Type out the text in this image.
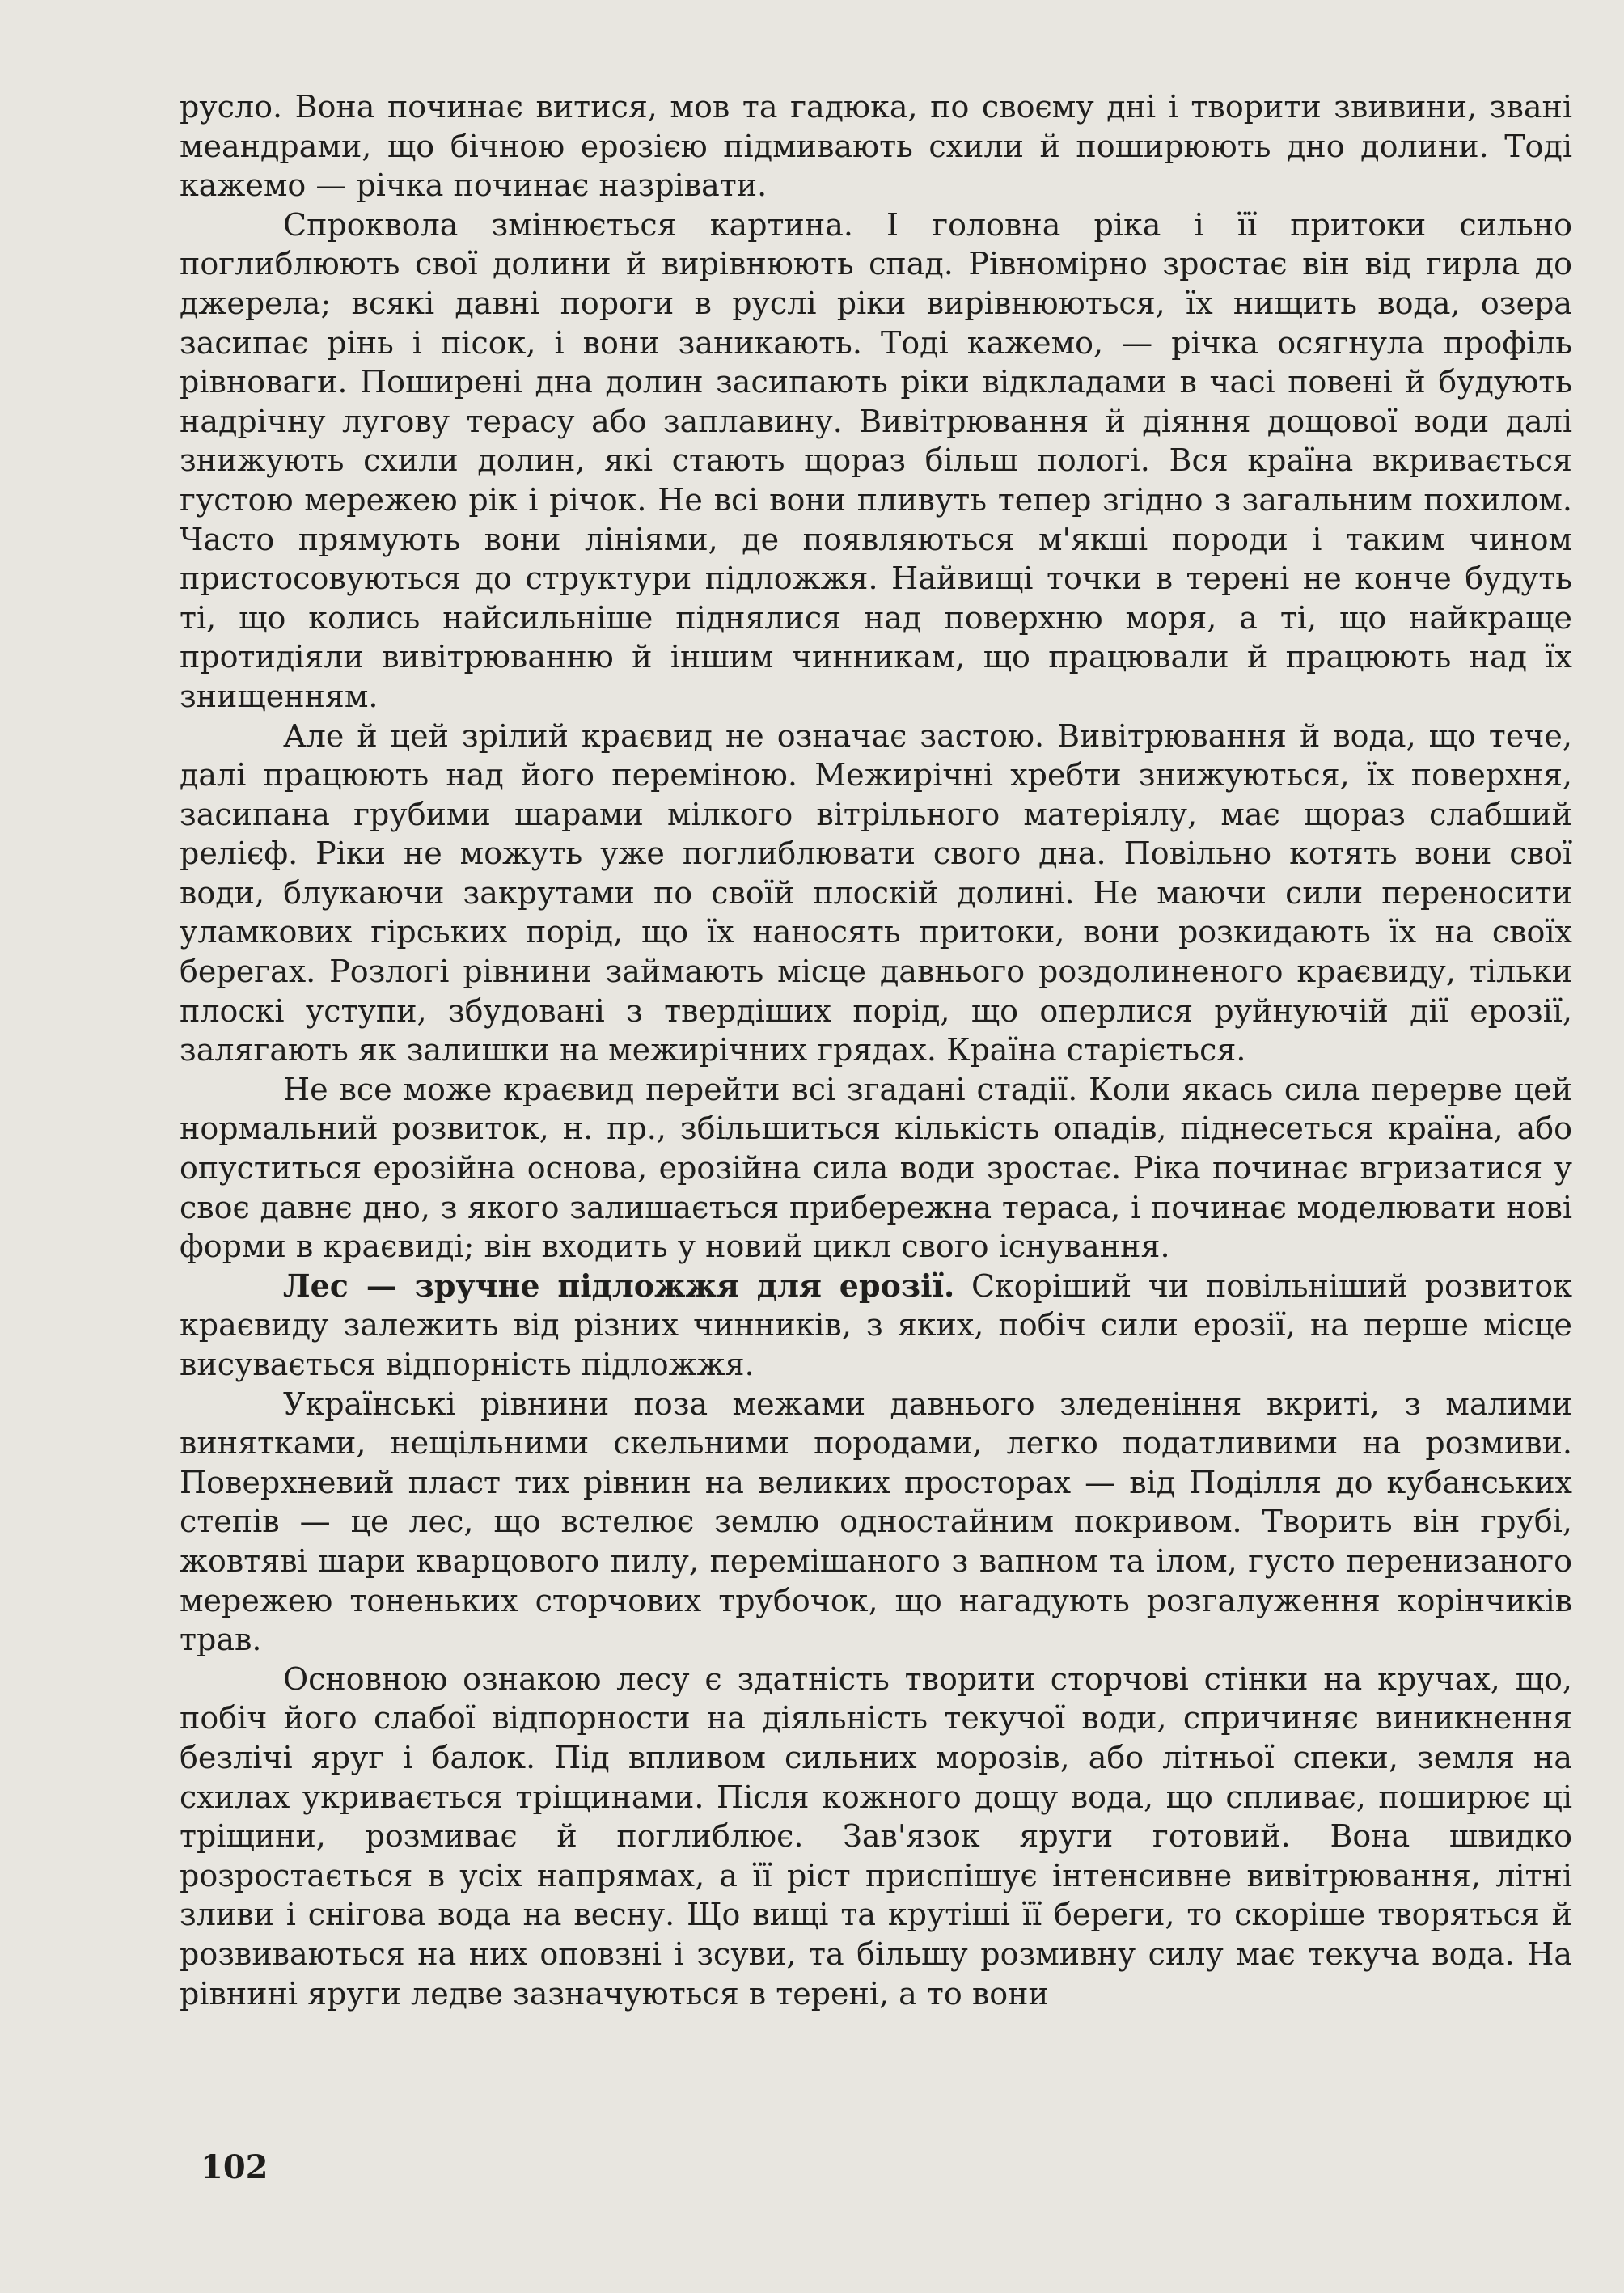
русло. Вона починає витися, мов та гадюка, по своєму дні і творити звивини, звані меандрами, що бічною ерозією підмивають схили й поширюють дно долини. Тоді кажемо — річка починає назрівати.

Спроквола змінюється картина. І головна ріка і її притоки сильно поглиблюють свої долини й вирівнюють спад. Рівномірно зростає він від гирла до джерела; всякі давні пороги в руслі ріки вирівнюються, їх нищить вода, озера засипає рінь і пісок, і вони заникають. Тоді кажемо, — річка осягнула профіль рівноваги. Поширені дна долин засипають ріки відкладами в часі повені й будують надрічну лугову терасу або заплавину. Вивітрювання й діяння дощової води далі знижують схили долин, які стають щораз більш пологі. Вся країна вкривається густою мережею рік і річок. Не всі вони пливуть тепер згідно з загальним похилом. Часто прямують вони лініями, де появляються м'якші породи і таким чином пристосовуються до структури підложжя. Найвищі точки в терені не конче будуть ті, що колись найсильніше піднялися над поверхню моря, а ті, що найкраще протидіяли вивітрюванню й іншим чинникам, що працювали й працюють над їх знищенням.

Але й цей зрілий краєвид не означає застою. Вивітрювання й вода, що тече, далі працюють над його переміною. Межирічні хребти знижуються, їх поверхня, засипана грубими шарами мілкого вітрільного матеріялу, має щораз слабший релієф. Ріки не можуть уже поглиблювати свого дна. Повільно котять вони свої води, блукаючи закрутами по своїй плоскій долині. Не маючи сили переносити уламкових гірських порід, що їх наносять притоки, вони розкидають їх на своїх берегах. Розлогі рівнини займають місце давнього роздолиненого краєвиду, тільки плоскі уступи, збудовані з твердіших порід, що оперлися руйнуючій дії ерозії, залягають як залишки на межирічних грядах. Країна старіється.

Не все може краєвид перейти всі згадані стадії. Коли якась сила перерве цей нормальний розвиток, н. пр., збільшиться кількість опадів, піднесеться країна, або опуститься ерозійна основа, ерозійна сила води зростає. Ріка починає вгризатися у своє давнє дно, з якого залишається прибережна тераса, і починає моделювати нові форми в краєвиді; він входить у новий цикл свого існування.

Лес — зручне підложжя для ерозії. Скоріший чи повільніший розвиток краєвиду залежить від різних чинників, з яких, побіч сили ерозії, на перше місце висувається відпорність підложжя.

Українські рівнини поза межами давнього зледеніння вкриті, з малими винятками, нещільними скельними породами, легко податливими на розмиви. Поверхневий пласт тих рівнин на великих просторах — від Поділля до кубанських степів — це лес, що встелює землю одностайним покривом. Творить він грубі, жовтяві шари кварцового пилу, перемішаного з вапном та ілом, густо перенизаного мережею тоненьких сторчових трубочок, що нагадують розгалуження корінчиків трав.

Основною ознакою лесу є здатність творити сторчові стінки на кручах, що, побіч його слабої відпорности на діяльність текучої води, спричиняє виникнення безлічі яруг і балок. Під впливом сильних морозів, або літньої спеки, земля на схилах укривається тріщинами. Після кожного дощу вода, що спливає, поширює ці тріщини, розмиває й поглиблює. Зав'язок яруги готовий. Вона швидко розростається в усіх напрямах, а її ріст приспішує інтенсивне вивітрювання, літні зливи і снігова вода на весну. Що вищі та крутіші її береги, то скоріше творяться й розвиваються на них оповзні і зсуви, та більшу розмивну силу має текуча вода. На рівнині яруги ледве зазначуються в терені, а то вони

102
